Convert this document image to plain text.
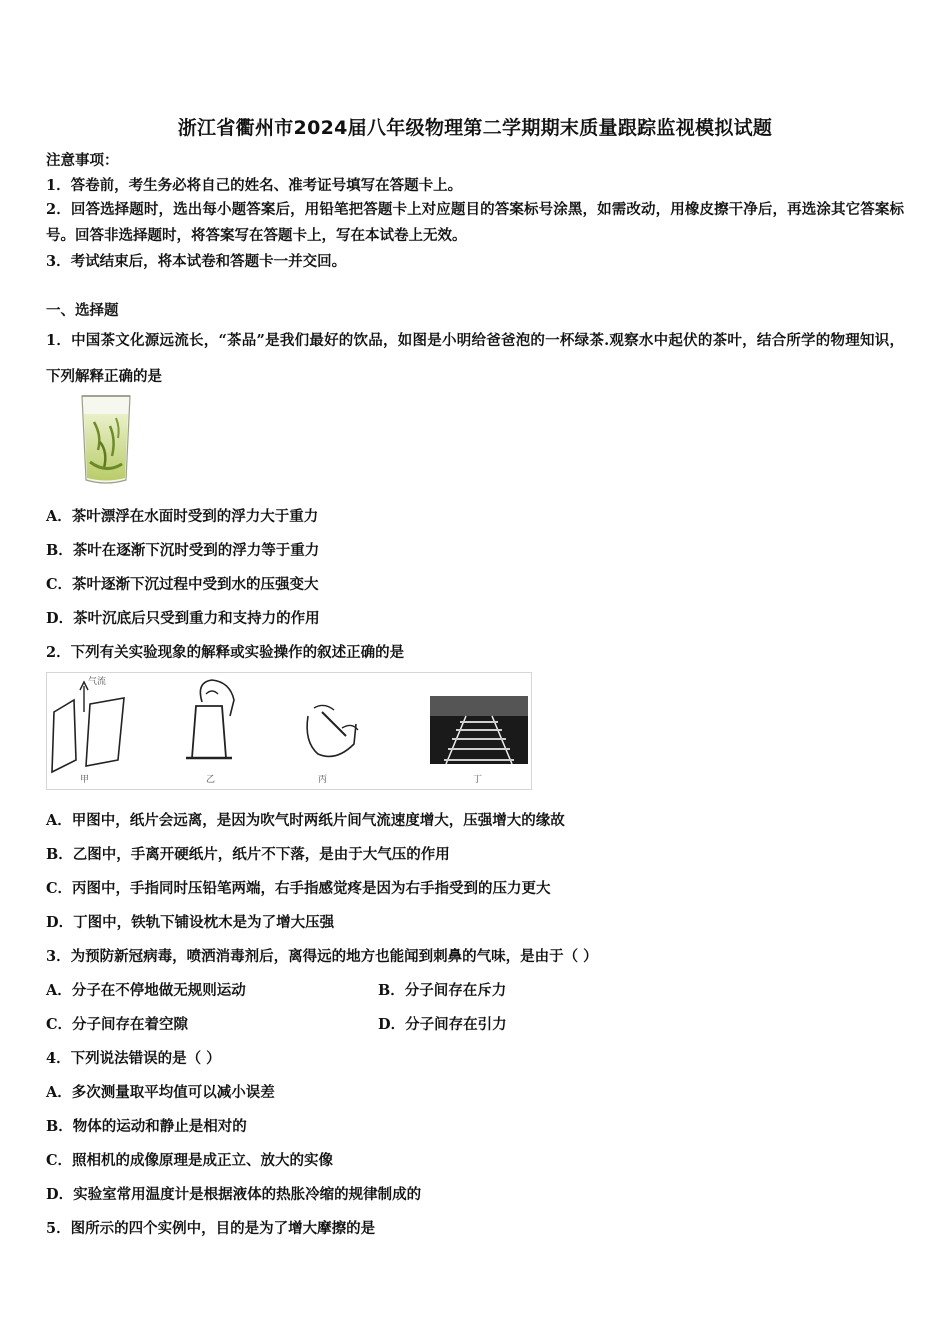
浙江省衢州市2024届八年级物理第二学期期末质量跟踪监视模拟试题
注意事项：
1．答卷前，考生务必将自己的姓名、准考证号填写在答题卡上。
2．回答选择题时，选出每小题答案后，用铅笔把答题卡上对应题目的答案标号涂黑，如需改动，用橡皮擦干净后，再选涂其它答案标号。回答非选择题时，将答案写在答题卡上，写在本试卷上无效。
3．考试结束后，将本试卷和答题卡一并交回。
一、选择题
1．中国茶文化源远流长，“茶品”是我们最好的饮品，如图是小明给爸爸泡的一杯绿茶.观察水中起伏的茶叶，结合所学的物理知识，下列解释正确的是
A．茶叶漂浮在水面时受到的浮力大于重力
B．茶叶在逐渐下沉时受到的浮力等于重力
C．茶叶逐渐下沉过程中受到水的压强变大
D．茶叶沉底后只受到重力和支持力的作用
2．下列有关实验现象的解释或实验操作的叙述正确的是
气流
甲	乙	丙	丁
A．甲图中，纸片会远离，是因为吹气时两纸片间气流速度增大，压强增大的缘故
B．乙图中，手离开硬纸片，纸片不下落，是由于大气压的作用
C．丙图中，手指同时压铅笔两端，右手指感觉疼是因为右手指受到的压力更大
D．丁图中，铁轨下铺设枕木是为了增大压强
3．为预防新冠病毒，喷洒消毒剂后，离得远的地方也能闻到刺鼻的气味，是由于（ ）
A．分子在不停地做无规则运动	B．分子间存在斥力
C．分子间存在着空隙	D．分子间存在引力
4．下列说法错误的是（ ）
A．多次测量取平均值可以减小误差
B．物体的运动和静止是相对的
C．照相机的成像原理是成正立、放大的实像
D．实验室常用温度计是根据液体的热胀冷缩的规律制成的
5．图所示的四个实例中，目的是为了增大摩擦的是
